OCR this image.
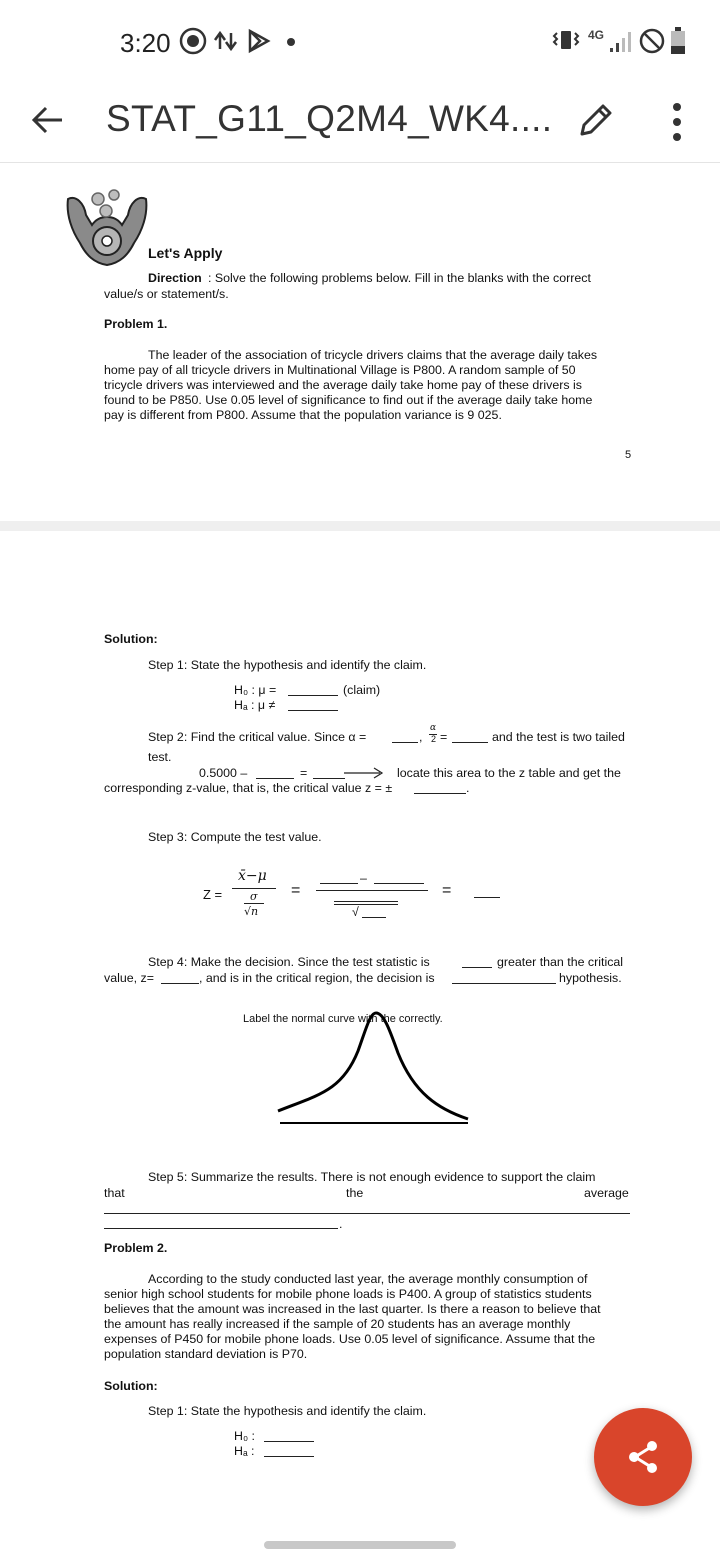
3:20	4G
STAT_G11_Q2M4_WK4....
Let's Apply
Direction : Solve the following problems below. Fill in the blanks with the correct
value/s or statement/s.
Problem 1.
The leader of the association of tricycle drivers claims that the average daily takes
home pay of all tricycle drivers in Multinational Village is P800. A random sample of 50
tricycle drivers was interviewed and the average daily take home pay of these drivers is
found to be P850. Use 0.05 level of significance to find out if the average daily take home
pay is different from P800. Assume that the population variance is 9 025.
5
Solution:
Step 1: State the hypothesis and identify the claim.
H₀ : μ =	(claim)
Hₐ : μ ≠
Step 2: Find the critical value. Since α =	,
α
2 =	and the test is two tailed
test.
0.5000 –	=	locate this area to the z table and get the
corresponding z-value, that is, the critical value z = ±	.
Step 3: Compute the test value.
Z =
x̄−μ
σ
√n
=
–
√
=
Step 4: Make the decision. Since the test statistic is	greater than the critical
value, z=	, and is in the critical region, the decision is	hypothesis.
Label the normal curve with the correctly.
Step 5: Summarize the results. There is not enough evidence to support the claim
that	the	average
.
Problem 2.
According to the study conducted last year, the average monthly consumption of
senior high school students for mobile phone loads is P400. A group of statistics students
believes that the amount was increased in the last quarter. Is there a reason to believe that
the amount has really increased if the sample of 20 students has an average monthly
expenses of P450 for mobile phone loads. Use 0.05 level of significance. Assume that the
population standard deviation is P70.
Solution:
Step 1: State the hypothesis and identify the claim.
H₀ :
Hₐ :
